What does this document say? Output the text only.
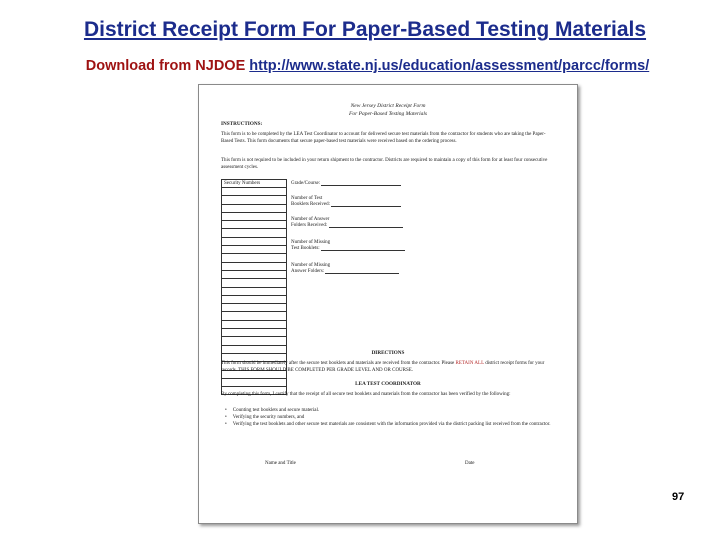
District Receipt Form For Paper-Based Testing Materials
Download from NJDOE http://www.state.nj.us/education/assessment/parcc/forms/
New Jersey District Receipt Form
For Paper-Based Testing Materials
INSTRUCTIONS:
This form is to be completed by the LEA Test Coordinator to account for delivered secure test materials from the contractor for students who are taking the Paper-Based Tests. This form documents that secure paper-based test materials were received based on the ordering process.
This form is not required to be included in your return shipment to the contractor. Districts are required to maintain a copy of this form for at least four consecutive assessment cycles.
Security Numbers	Grade/Course:
Number of Test
Booklets Received:
Number of Answer
Folders Received:
Number of Missing
Test Booklets:
Number of Missing
Answer Folders:
DIRECTIONS
This form should be immediately after the secure test booklets and materials are received from the contractor. Please RETAIN ALL district receipt forms for your records. THIS FORM SHOULD BE COMPLETED PER GRADE LEVEL AND OR COURSE.
LEA TEST COORDINATOR
By completing this form, I certify that the receipt of all secure test booklets and materials from the contractor has been verified by the following:
• Counting test booklets and secure material.
• Verifying the security numbers, and
• Verifying the test booklets and other secure test materials are consistent with the information provided via the district packing list received from the contractor.
Name and Title	Date
97
